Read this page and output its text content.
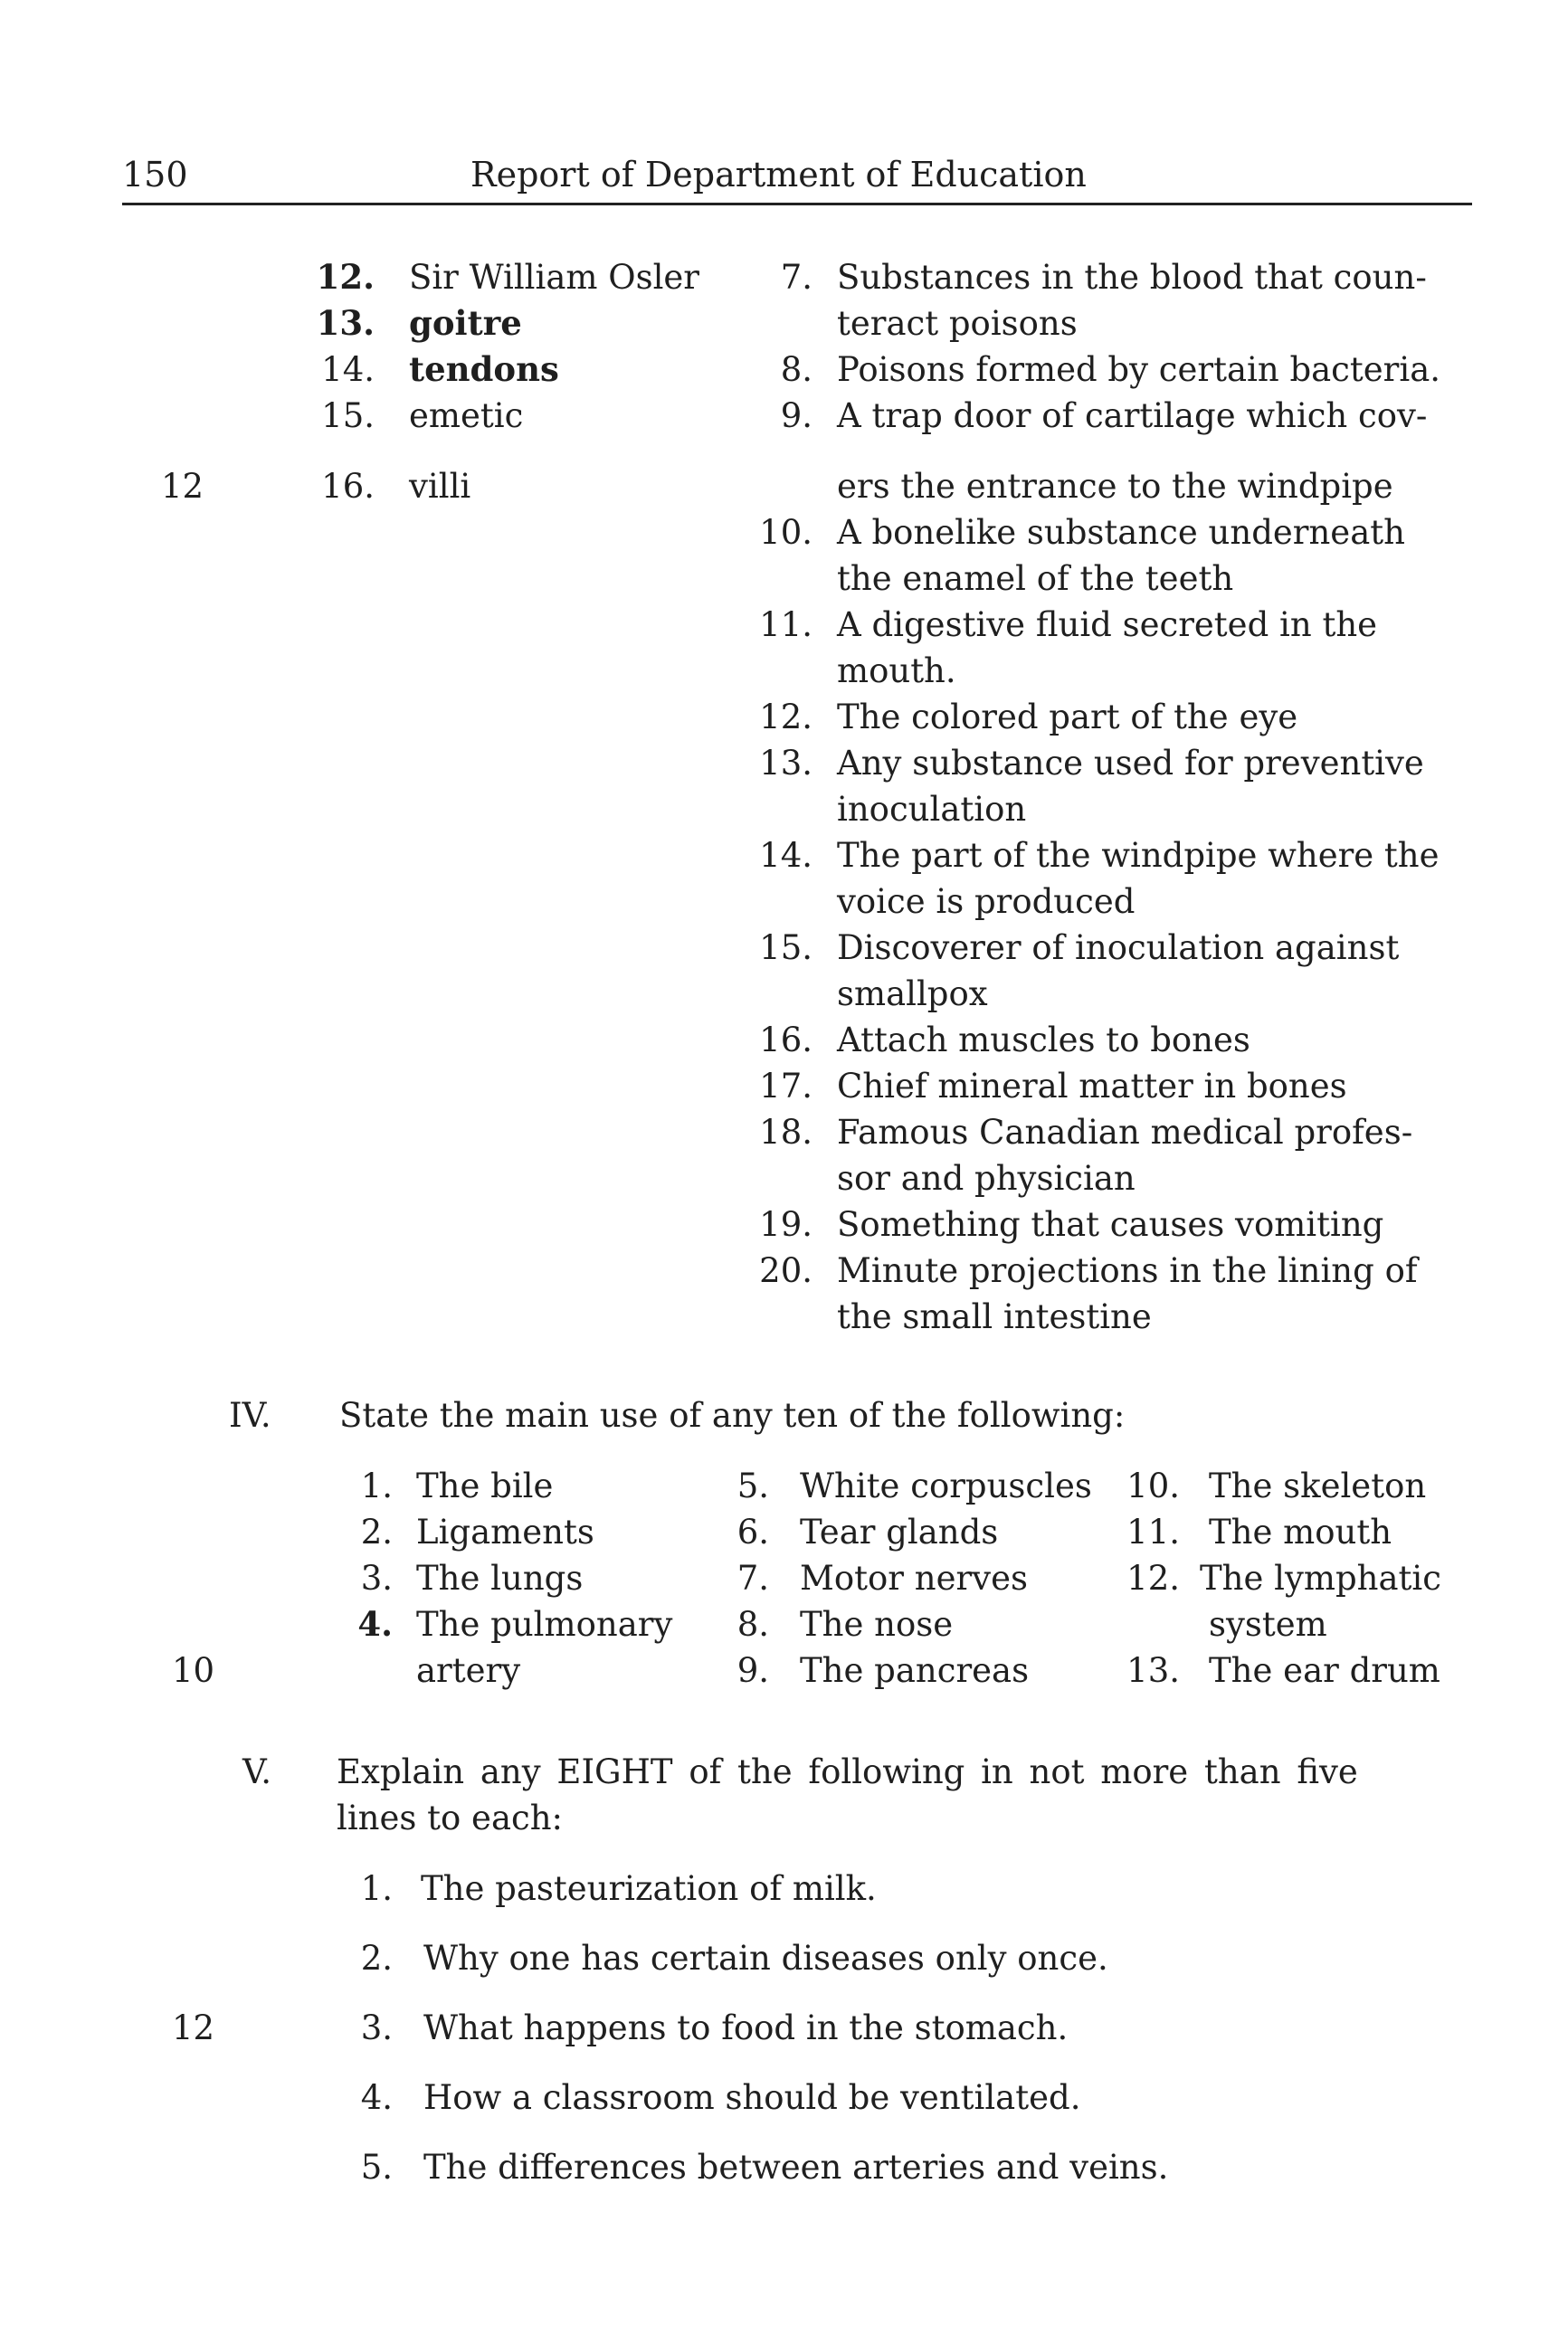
150	Report of Department of Education
12. Sir William Osler
13. goitre
14. tendons
15. emetic
16. villi
12
7. Substances in the blood that coun-
teract poisons
8. Poisons formed by certain bacteria.
9. A trap door of cartilage which cov-
ers the entrance to the windpipe
10. A bonelike substance underneath
the enamel of the teeth
11. A digestive fluid secreted in the
mouth.
12. The colored part of the eye
13. Any substance used for preventive
inoculation
14. The part of the windpipe where the
voice is produced
15. Discoverer of inoculation against
smallpox
16. Attach muscles to bones
17. Chief mineral matter in bones
18. Famous Canadian medical profes-
sor and physician
19. Something that causes vomiting
20. Minute projections in the lining of
the small intestine
IV. State the main use of any ten of the following:
1. The bile
2. Ligaments
3. The lungs
4. The pulmonary
artery
5. White corpuscles
6. Tear glands
7. Motor nerves
8. The nose
9. The pancreas
10. The skeleton
11. The mouth
12. The lymphatic
system
13. The ear drum
10
V. Explain any EIGHT of the following in not more than five
lines to each:
1. The pasteurization of milk.
2. Why one has certain diseases only once.
3. What happens to food in the stomach.
4. How a classroom should be ventilated.
5. The differences between arteries and veins.
12
